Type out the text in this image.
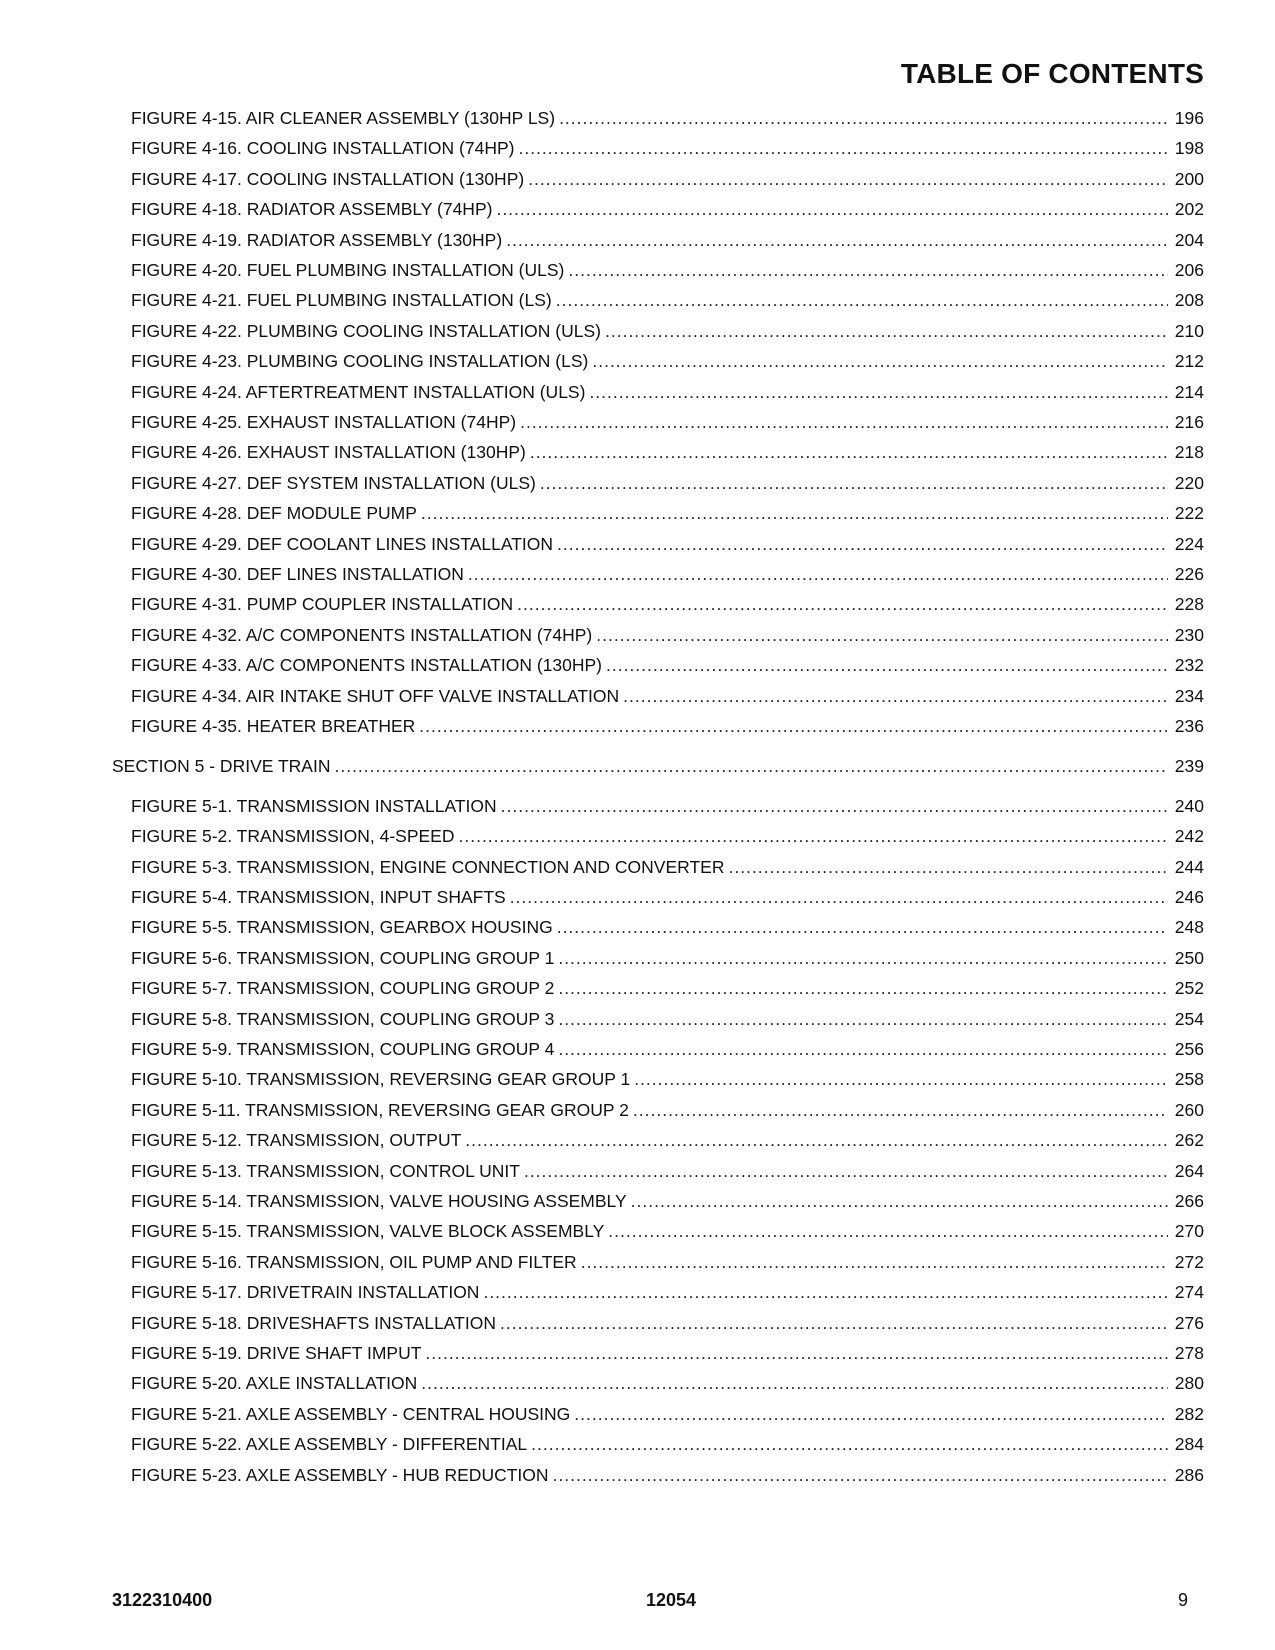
TABLE OF CONTENTS
FIGURE 4-15. AIR CLEANER ASSEMBLY (130HP LS) .....	196
FIGURE 4-16. COOLING INSTALLATION (74HP) .....	198
FIGURE 4-17. COOLING INSTALLATION (130HP) .....	200
FIGURE 4-18. RADIATOR ASSEMBLY (74HP) .....	202
FIGURE 4-19. RADIATOR ASSEMBLY (130HP) .....	204
FIGURE 4-20. FUEL PLUMBING INSTALLATION (ULS) .....	206
FIGURE 4-21. FUEL PLUMBING INSTALLATION (LS) .....	208
FIGURE 4-22. PLUMBING COOLING INSTALLATION (ULS) .....	210
FIGURE 4-23. PLUMBING COOLING INSTALLATION (LS) .....	212
FIGURE 4-24. AFTERTREATMENT INSTALLATION (ULS) .....	214
FIGURE 4-25. EXHAUST INSTALLATION (74HP) .....	216
FIGURE 4-26. EXHAUST INSTALLATION (130HP) .....	218
FIGURE 4-27. DEF SYSTEM INSTALLATION (ULS) .....	220
FIGURE 4-28. DEF MODULE PUMP .....	222
FIGURE 4-29. DEF COOLANT LINES INSTALLATION .....	224
FIGURE 4-30. DEF LINES INSTALLATION .....	226
FIGURE 4-31. PUMP COUPLER INSTALLATION .....	228
FIGURE 4-32. A/C COMPONENTS INSTALLATION (74HP) .....	230
FIGURE 4-33. A/C COMPONENTS INSTALLATION (130HP) .....	232
FIGURE 4-34. AIR INTAKE SHUT OFF VALVE INSTALLATION .....	234
FIGURE 4-35. HEATER BREATHER .....	236
SECTION 5 - DRIVE TRAIN .....	239
FIGURE 5-1. TRANSMISSION INSTALLATION .....	240
FIGURE 5-2. TRANSMISSION, 4-SPEED .....	242
FIGURE 5-3. TRANSMISSION, ENGINE CONNECTION AND CONVERTER .....	244
FIGURE 5-4. TRANSMISSION, INPUT SHAFTS .....	246
FIGURE 5-5. TRANSMISSION, GEARBOX HOUSING .....	248
FIGURE 5-6. TRANSMISSION, COUPLING GROUP 1 .....	250
FIGURE 5-7. TRANSMISSION, COUPLING GROUP 2 .....	252
FIGURE 5-8. TRANSMISSION, COUPLING GROUP 3 .....	254
FIGURE 5-9. TRANSMISSION, COUPLING GROUP 4 .....	256
FIGURE 5-10. TRANSMISSION, REVERSING GEAR GROUP 1 .....	258
FIGURE 5-11. TRANSMISSION, REVERSING GEAR GROUP 2 .....	260
FIGURE 5-12. TRANSMISSION, OUTPUT .....	262
FIGURE 5-13. TRANSMISSION, CONTROL UNIT .....	264
FIGURE 5-14. TRANSMISSION, VALVE HOUSING ASSEMBLY .....	266
FIGURE 5-15. TRANSMISSION, VALVE BLOCK ASSEMBLY .....	270
FIGURE 5-16. TRANSMISSION, OIL PUMP AND FILTER .....	272
FIGURE 5-17. DRIVETRAIN INSTALLATION .....	274
FIGURE 5-18. DRIVESHAFTS INSTALLATION .....	276
FIGURE 5-19. DRIVE SHAFT IMPUT .....	278
FIGURE 5-20. AXLE INSTALLATION .....	280
FIGURE 5-21. AXLE ASSEMBLY - CENTRAL HOUSING .....	282
FIGURE 5-22. AXLE ASSEMBLY - DIFFERENTIAL .....	284
FIGURE 5-23. AXLE ASSEMBLY - HUB REDUCTION .....	286
3122310400	12054	9
